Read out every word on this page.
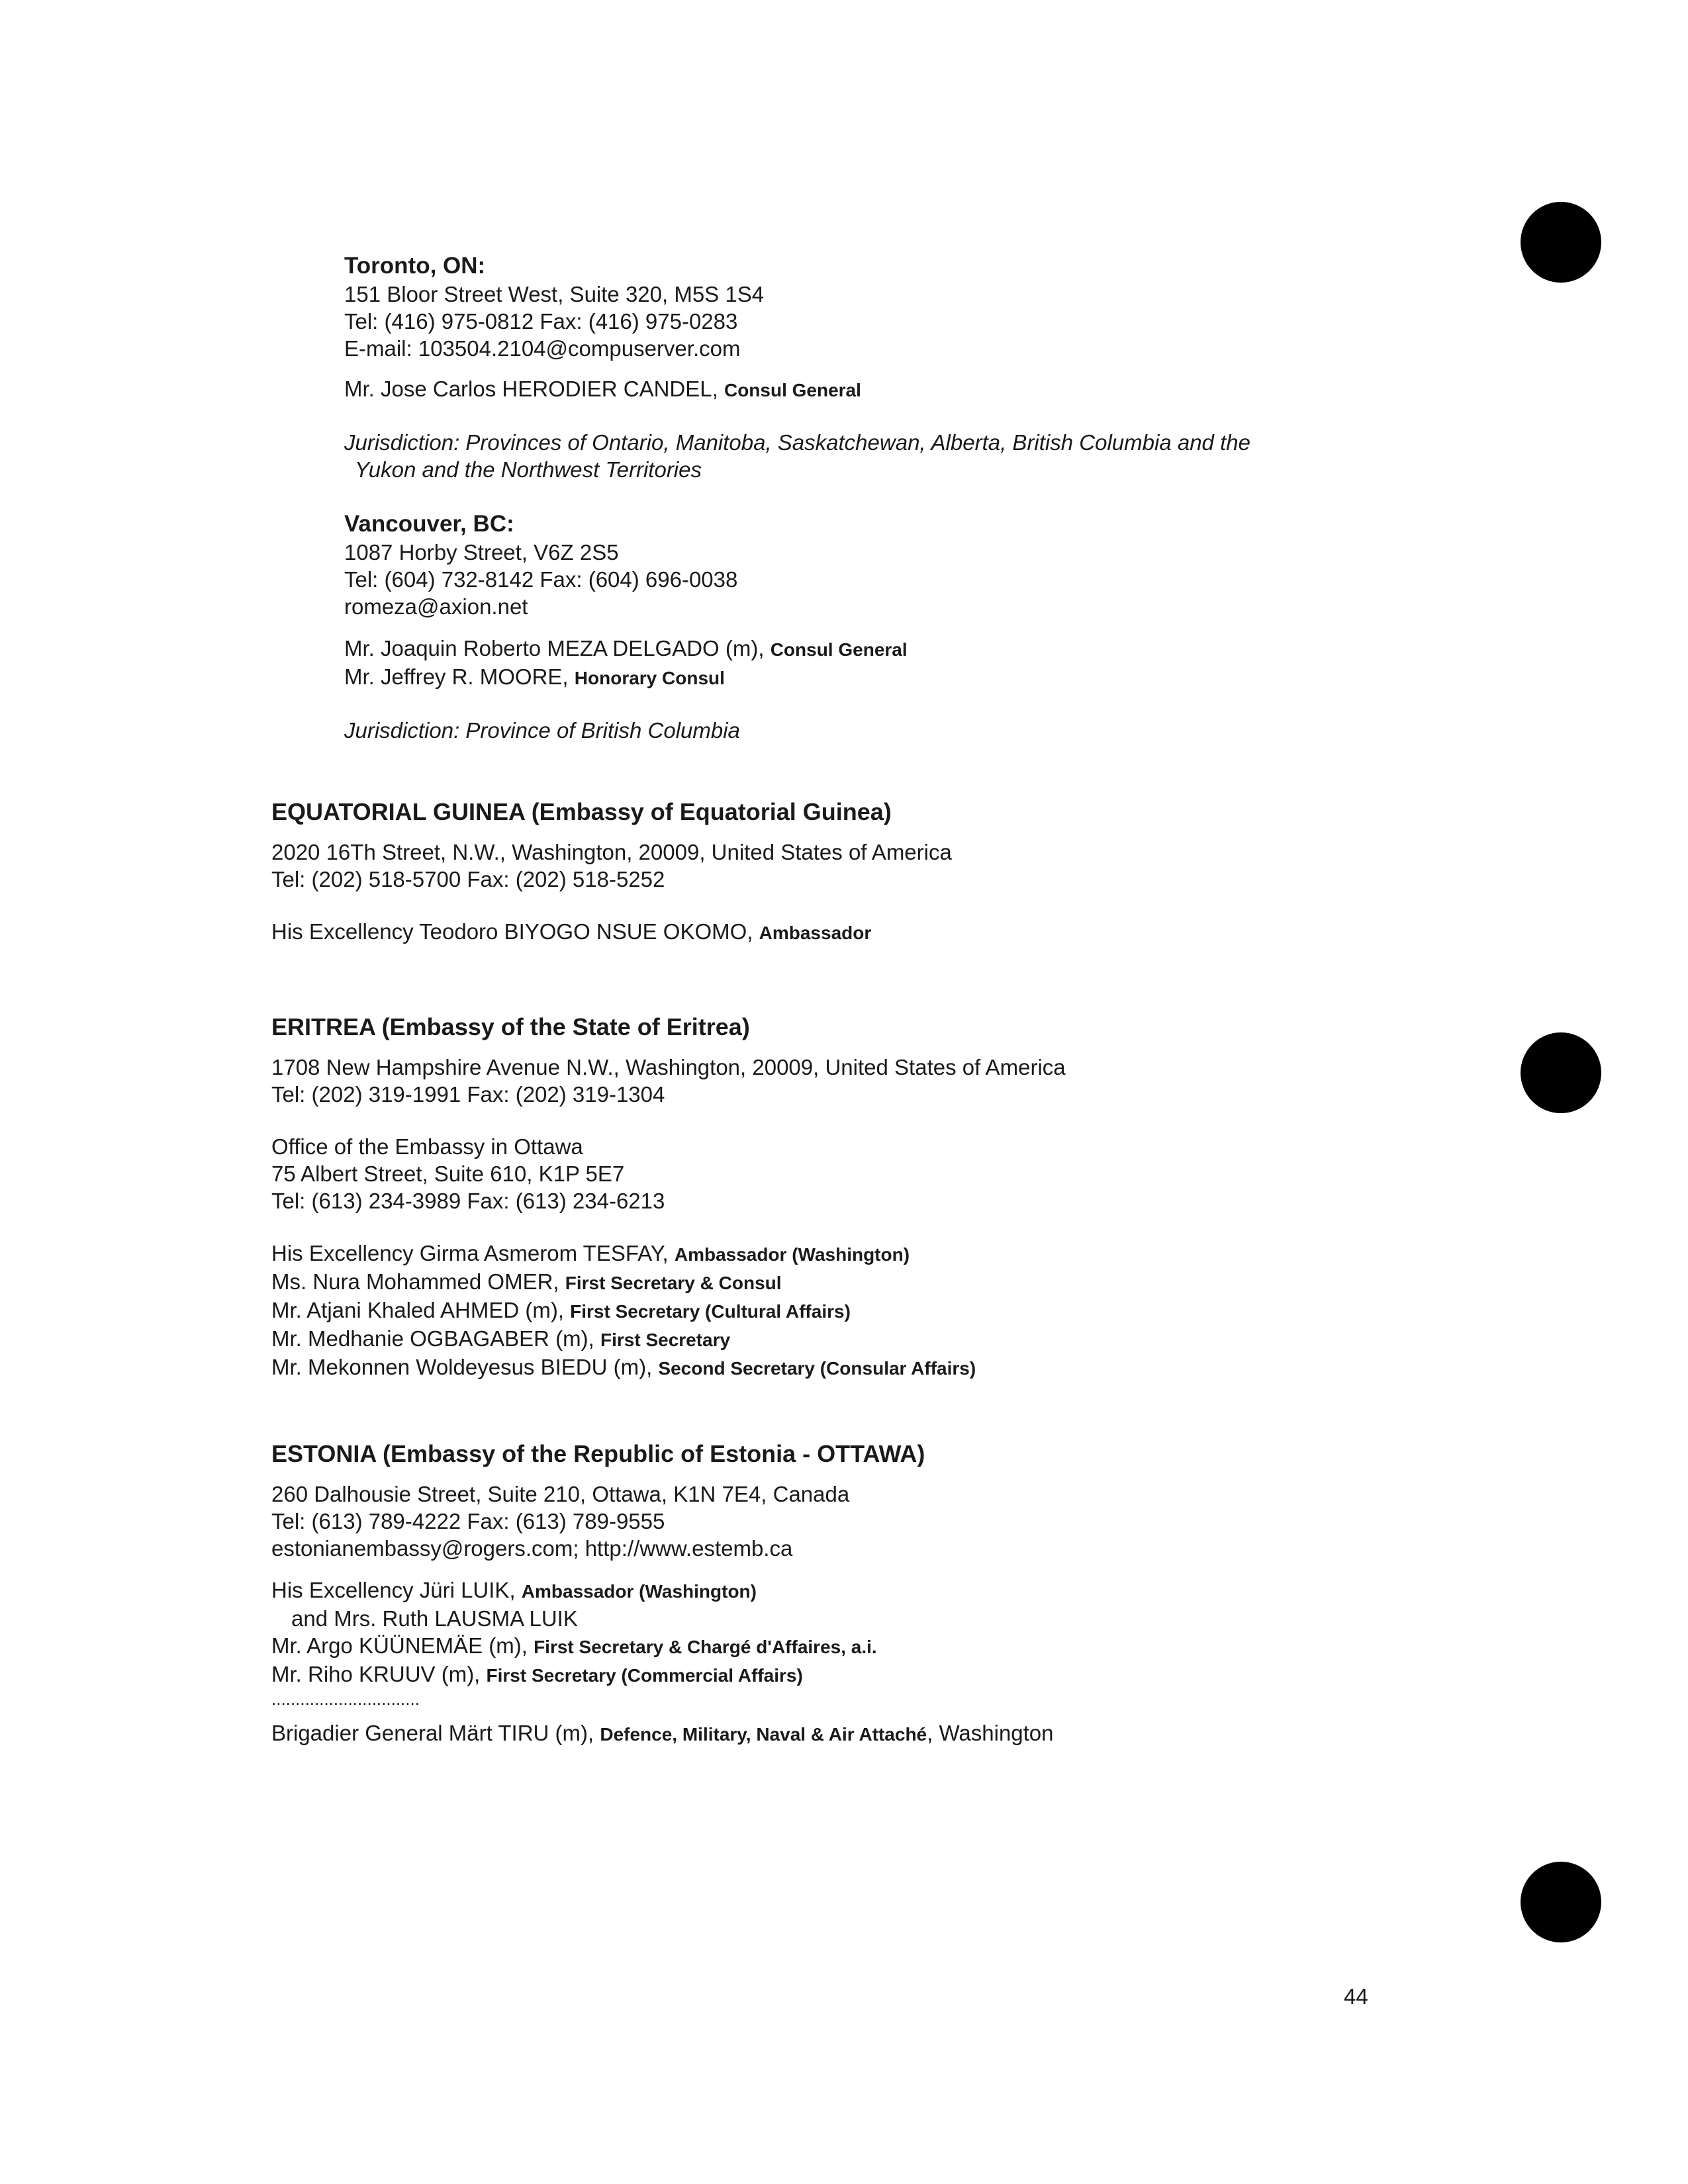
Toronto, ON:
151 Bloor Street West, Suite 320, M5S 1S4
Tel: (416) 975-0812 Fax: (416) 975-0283
E-mail: 103504.2104@compuserver.com
Mr. Jose Carlos HERODIER CANDEL, Consul General
Jurisdiction: Provinces of Ontario, Manitoba, Saskatchewan, Alberta, British Columbia and the
Yukon and the Northwest Territories
Vancouver, BC:
1087 Horby Street, V6Z 2S5
Tel: (604) 732-8142 Fax: (604) 696-0038
romeza@axion.net
Mr. Joaquin Roberto MEZA DELGADO (m), Consul General
Mr. Jeffrey R. MOORE, Honorary Consul
Jurisdiction: Province of British Columbia
EQUATORIAL GUINEA (Embassy of Equatorial Guinea)
2020 16Th Street, N.W., Washington, 20009, United States of America
Tel: (202) 518-5700 Fax: (202) 518-5252
His Excellency Teodoro BIYOGO NSUE OKOMO, Ambassador
ERITREA (Embassy of the State of Eritrea)
1708 New Hampshire Avenue N.W., Washington, 20009, United States of America
Tel: (202) 319-1991 Fax: (202) 319-1304
Office of the Embassy in Ottawa
75 Albert Street, Suite 610, K1P 5E7
Tel: (613) 234-3989 Fax: (613) 234-6213
His Excellency Girma Asmerom TESFAY, Ambassador (Washington)
Ms. Nura Mohammed OMER, First Secretary & Consul
Mr. Atjani Khaled AHMED (m), First Secretary (Cultural Affairs)
Mr. Medhanie OGBAGABER (m), First Secretary
Mr. Mekonnen Woldeyesus BIEDU (m), Second Secretary (Consular Affairs)
ESTONIA (Embassy of the Republic of Estonia - OTTAWA)
260 Dalhousie Street, Suite 210, Ottawa, K1N 7E4, Canada
Tel: (613) 789-4222 Fax: (613) 789-9555
estonianembassy@rogers.com; http://www.estemb.ca
His Excellency Jüri LUIK, Ambassador (Washington)
and Mrs. Ruth LAUSMA LUIK
Mr. Argo KÜÜNEMÄE (m), First Secretary & Chargé d'Affaires, a.i.
Mr. Riho KRUUV (m), First Secretary (Commercial Affairs)
...............................
Brigadier General Märt TIRU (m), Defence, Military, Naval & Air Attaché, Washington
44
